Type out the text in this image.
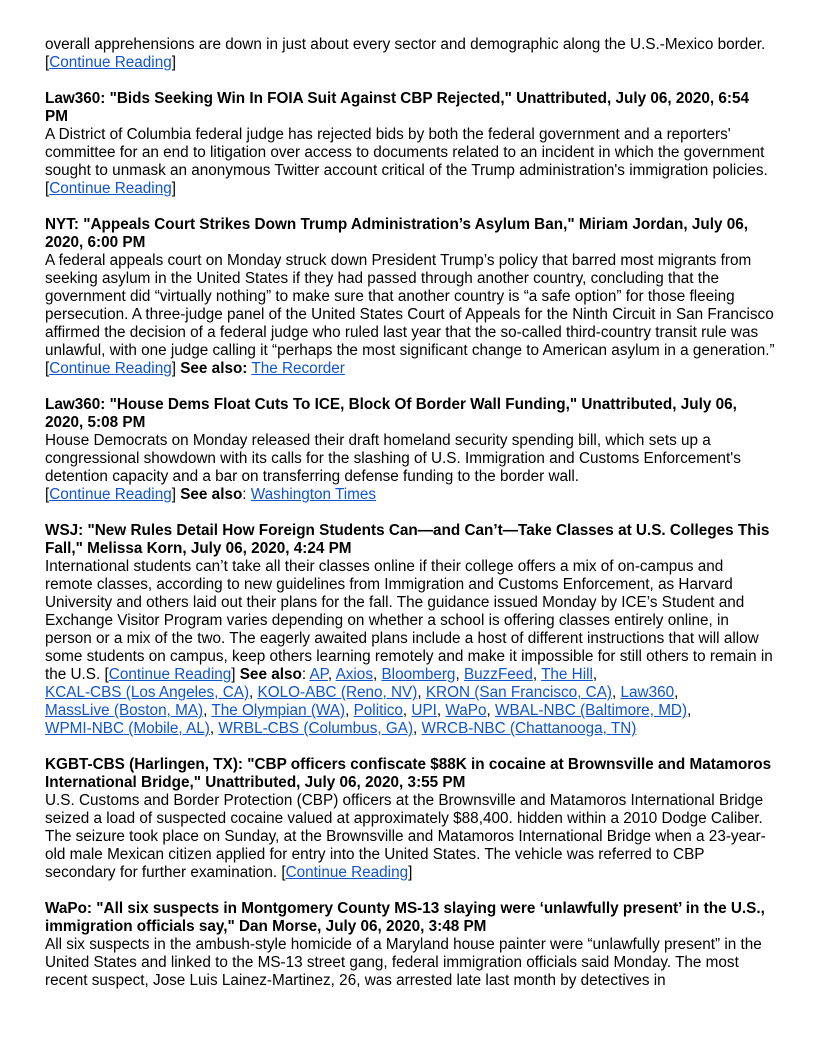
overall apprehensions are down in just about every sector and demographic along the U.S.-Mexico border. [Continue Reading]

Law360: "Bids Seeking Win In FOIA Suit Against CBP Rejected," Unattributed, July 06, 2020, 6:54 PM

A District of Columbia federal judge has rejected bids by both the federal government and a reporters' committee for an end to litigation over access to documents related to an incident in which the government sought to unmask an anonymous Twitter account critical of the Trump administration's immigration policies. [Continue Reading]

NYT: "Appeals Court Strikes Down Trump Administration’s Asylum Ban," Miriam Jordan, July 06, 2020, 6:00 PM

A federal appeals court on Monday struck down President Trump’s policy that barred most migrants from seeking asylum in the United States if they had passed through another country, concluding that the government did “virtually nothing” to make sure that another country is “a safe option” for those fleeing persecution. A three-judge panel of the United States Court of Appeals for the Ninth Circuit in San Francisco affirmed the decision of a federal judge who ruled last year that the so-called third-country transit rule was unlawful, with one judge calling it “perhaps the most significant change to American asylum in a generation.” [Continue Reading] See also: The Recorder

Law360: "House Dems Float Cuts To ICE, Block Of Border Wall Funding," Unattributed, July 06, 2020, 5:08 PM

House Democrats on Monday released their draft homeland security spending bill, which sets up a congressional showdown with its calls for the slashing of U.S. Immigration and Customs Enforcement's detention capacity and a bar on transferring defense funding to the border wall.
[Continue Reading] See also: Washington Times

WSJ: "New Rules Detail How Foreign Students Can—and Can’t—Take Classes at U.S. Colleges This Fall," Melissa Korn, July 06, 2020, 4:24 PM

International students can’t take all their classes online if their college offers a mix of on-campus and remote classes, according to new guidelines from Immigration and Customs Enforcement, as Harvard University and others laid out their plans for the fall. The guidance issued Monday by ICE’s Student and Exchange Visitor Program varies depending on whether a school is offering classes entirely online, in person or a mix of the two. The eagerly awaited plans include a host of different instructions that will allow some students on campus, keep others learning remotely and make it impossible for still others to remain in the U.S. [Continue Reading] See also: AP, Axios, Bloomberg, BuzzFeed, The Hill,
KCAL-CBS (Los Angeles, CA), KOLO-ABC (Reno, NV), KRON (San Francisco, CA), Law360,
MassLive (Boston, MA), The Olympian (WA), Politico, UPI, WaPo, WBAL-NBC (Baltimore, MD),
WPMI-NBC (Mobile, AL), WRBL-CBS (Columbus, GA), WRCB-NBC (Chattanooga, TN)

KGBT-CBS (Harlingen, TX): "CBP officers confiscate $88K in cocaine at Brownsville and Matamoros International Bridge," Unattributed, July 06, 2020, 3:55 PM

U.S. Customs and Border Protection (CBP) officers at the Brownsville and Matamoros International Bridge seized a load of suspected cocaine valued at approximately $88,400. hidden within a 2010 Dodge Caliber. The seizure took place on Sunday, at the Brownsville and Matamoros International Bridge when a 23-year-old male Mexican citizen applied for entry into the United States. The vehicle was referred to CBP secondary for further examination. [Continue Reading]

WaPo: "All six suspects in Montgomery County MS-13 slaying were ‘unlawfully present’ in the U.S., immigration officials say," Dan Morse, July 06, 2020, 3:48 PM

All six suspects in the ambush-style homicide of a Maryland house painter were “unlawfully present” in the United States and linked to the MS-13 street gang, federal immigration officials said Monday. The most recent suspect, Jose Luis Lainez-Martinez, 26, was arrested late last month by detectives in
